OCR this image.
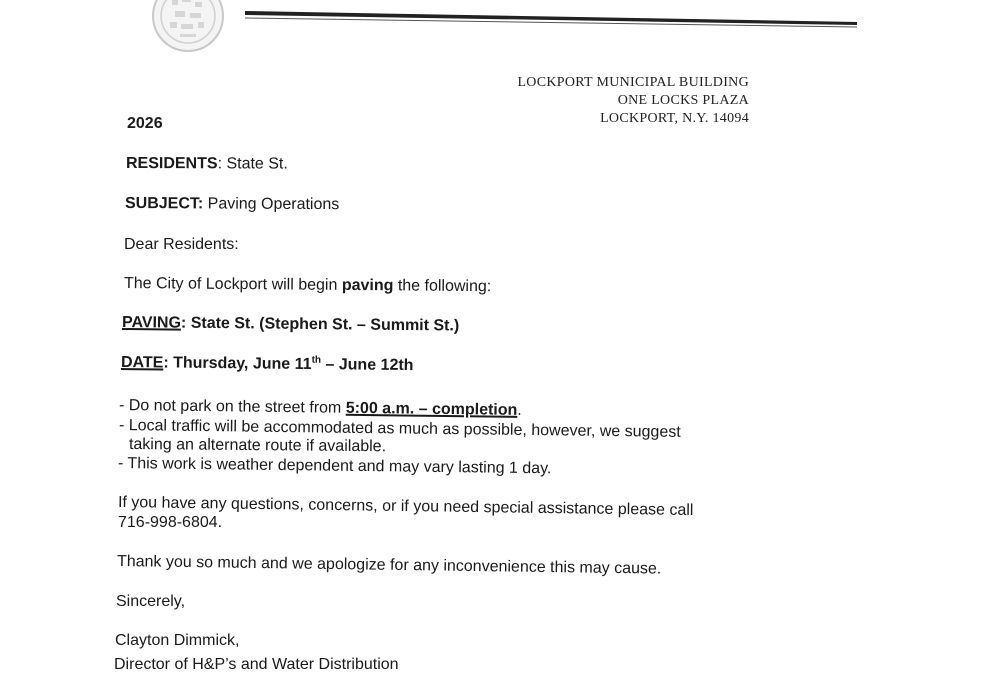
LOCKPORT MUNICIPAL BUILDING
ONE LOCKS PLAZA
LOCKPORT, N.Y. 14094
2026
RESIDENTS: State St.
SUBJECT: Paving Operations
Dear Residents:
The City of Lockport will begin paving the following:
PAVING: State St. (Stephen St. – Summit St.)
DATE: Thursday, June 11th – June 12th
- Do not park on the street from 5:00 a.m. – completion.
- Local traffic will be accommodated as much as possible, however, we suggest
taking an alternate route if available.
- This work is weather dependent and may vary lasting 1 day.
If you have any questions, concerns, or if you need special assistance please call
716-998-6804.
Thank you so much and we apologize for any inconvenience this may cause.
Sincerely,
Clayton Dimmick,
Director of H&P’s and Water Distribution
